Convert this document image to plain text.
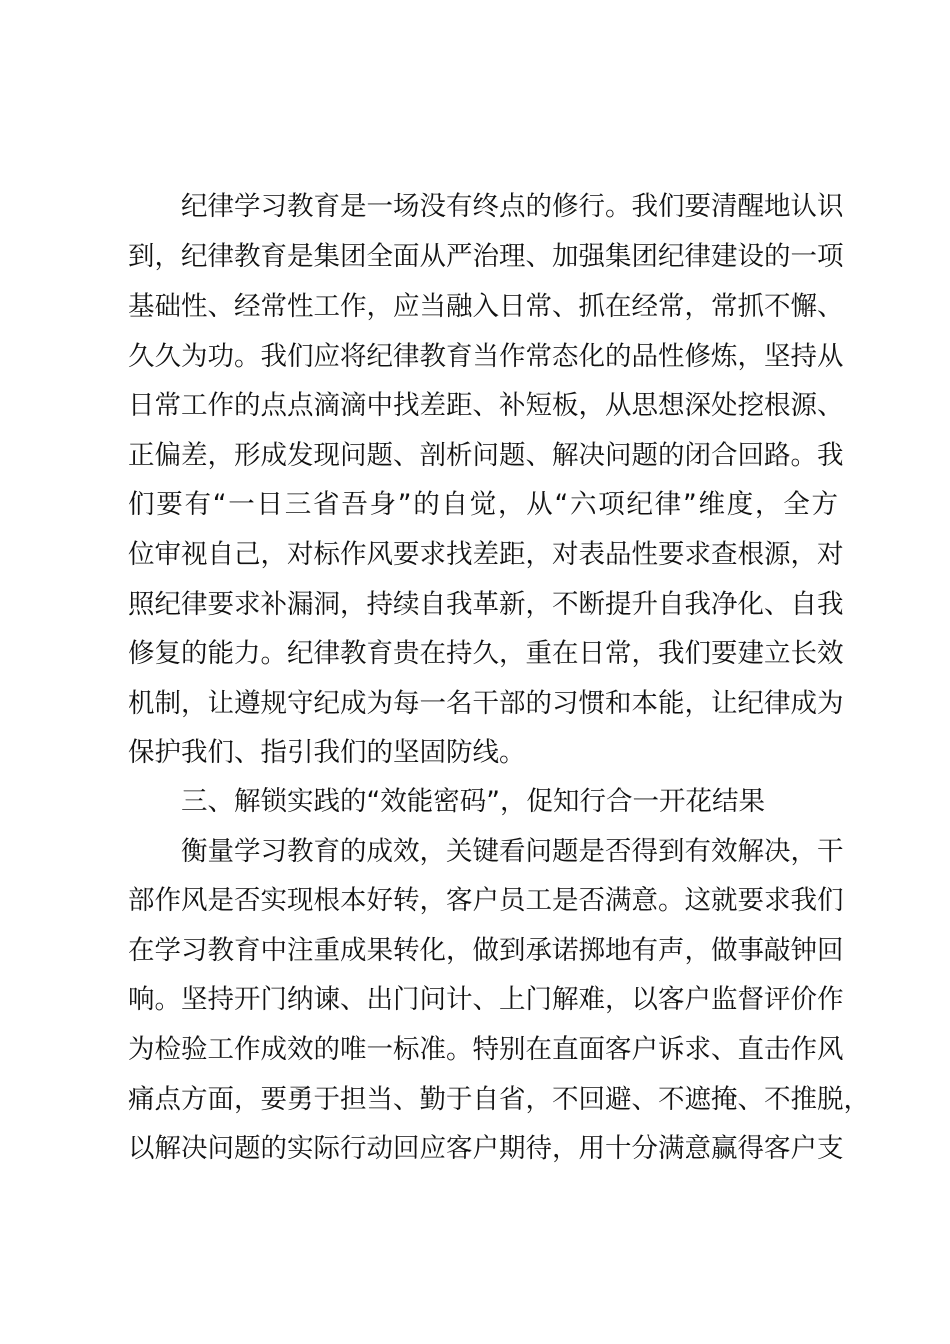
纪律学习教育是一场没有终点的修行。我们要清醒地认识
到，纪律教育是集团全面从严治理、加强集团纪律建设的一项
基础性、经常性工作，应当融入日常、抓在经常，常抓不懈、
久久为功。我们应将纪律教育当作常态化的品性修炼，坚持从
日常工作的点点滴滴中找差距、补短板，从思想深处挖根源、
正偏差，形成发现问题、剖析问题、解决问题的闭合回路。我
们要有“一日三省吾身”的自觉，从“六项纪律”维度，全方
位审视自己，对标作风要求找差距，对表品性要求查根源，对
照纪律要求补漏洞，持续自我革新，不断提升自我净化、自我
修复的能力。纪律教育贵在持久，重在日常，我们要建立长效
机制，让遵规守纪成为每一名干部的习惯和本能，让纪律成为
保护我们、指引我们的坚固防线。
三、解锁实践的“效能密码”，促知行合一开花结果
衡量学习教育的成效，关键看问题是否得到有效解决，干
部作风是否实现根本好转，客户员工是否满意。这就要求我们
在学习教育中注重成果转化，做到承诺掷地有声，做事敲钟回
响。坚持开门纳谏、出门问计、上门解难，以客户监督评价作
为检验工作成效的唯一标准。特别在直面客户诉求、直击作风
痛点方面，要勇于担当、勤于自省，不回避、不遮掩、不推脱，
以解决问题的实际行动回应客户期待，用十分满意赢得客户支
